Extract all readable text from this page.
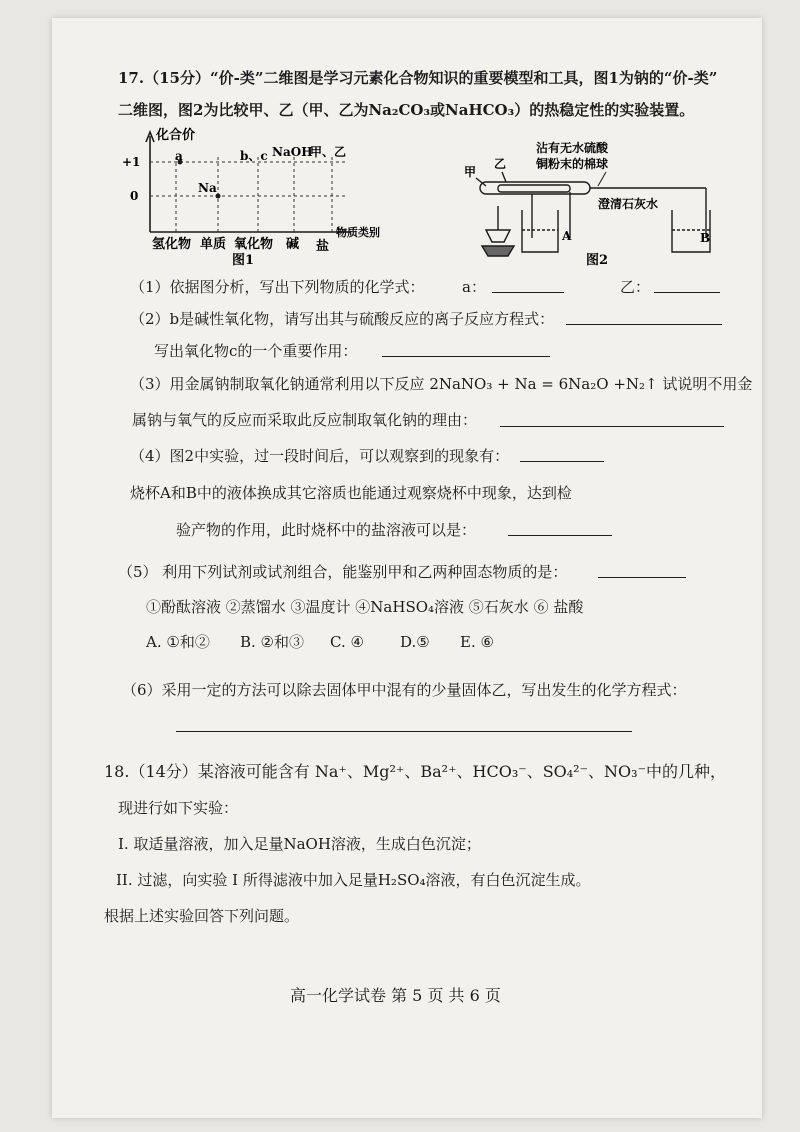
17.（15分）“价-类”二维图是学习元素化合物知识的重要模型和工具，图1为钠的“价-类”
二维图，图2为比较甲、乙（甲、乙为Na₂CO₃或NaHCO₃）的热稳定性的实验装置。
化合价
+1
0
a
Na
b、c NaOH
甲、乙
氢化物 单质 氧化物 碱 盐
物质类别
图1
沾有无水硫酸
铜粉末的棉球
甲
乙
澄清石灰水
A	B
图2
（1）依据图分析，写出下列物质的化学式： a：	乙：
（2）b是碱性氧化物，请写出其与硫酸反应的离子反应方程式：
写出氧化物c的一个重要作用：
（3）用金属钠制取氧化钠通常利用以下反应 2NaNO₃ + Na = 6Na₂O +N₂↑ 试说明不用金
属钠与氧气的反应而采取此反应制取氧化钠的理由：
（4）图2中实验，过一段时间后，可以观察到的现象有：
烧杯A和B中的液体换成其它溶质也能通过观察烧杯中现象，达到检
验产物的作用，此时烧杯中的盐溶液可以是：
（5） 利用下列试剂或试剂组合，能鉴别甲和乙两种固态物质的是：
①酚酞溶液 ②蒸馏水 ③温度计 ④NaHSO₄溶液 ⑤石灰水 ⑥ 盐酸
A. ①和② B. ②和③ C. ④ D.⑤ E. ⑥
（6）采用一定的方法可以除去固体甲中混有的少量固体乙，写出发生的化学方程式：
18.（14分）某溶液可能含有 Na⁺、Mg²⁺、Ba²⁺、HCO₃⁻、SO₄²⁻、NO₃⁻中的几种，
现进行如下实验：
I. 取适量溶液，加入足量NaOH溶液，生成白色沉淀；
II. 过滤，向实验 I 所得滤液中加入足量H₂SO₄溶液，有白色沉淀生成。
根据上述实验回答下列问题。
高一化学试卷 第 5 页 共 6 页
